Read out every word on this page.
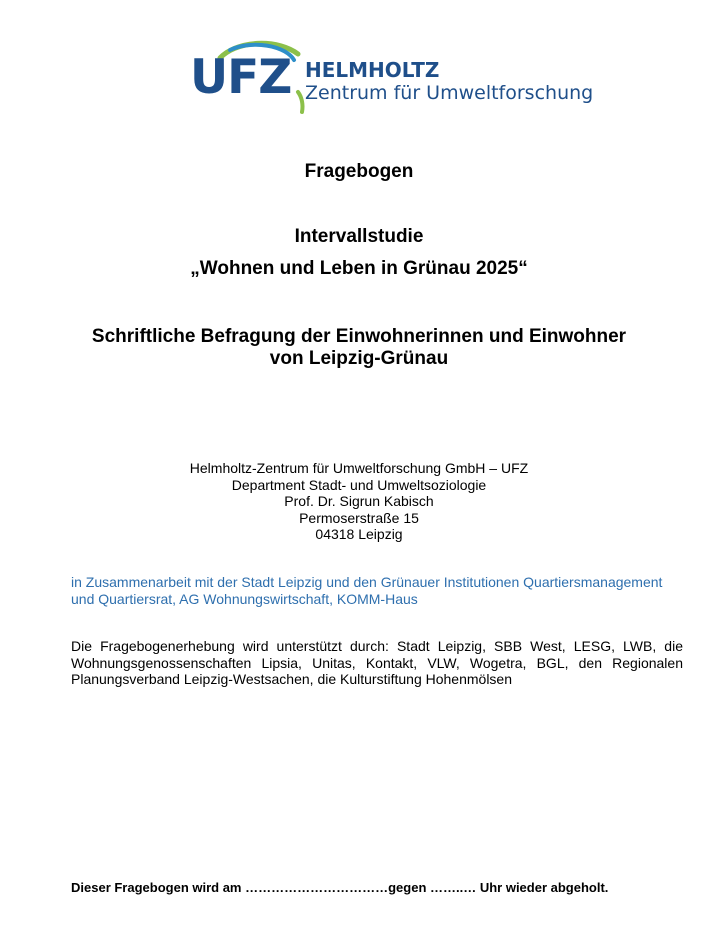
UFZ HELMHOLTZ
Zentrum für Umweltforschung
Fragebogen
Intervallstudie
„Wohnen und Leben in Grünau 2025“
Schriftliche Befragung der Einwohnerinnen und Einwohner
von Leipzig-Grünau
Helmholtz-Zentrum für Umweltforschung GmbH – UFZ
Department Stadt- und Umweltsoziologie
Prof. Dr. Sigrun Kabisch
Permoserstraße 15
04318 Leipzig
in Zusammenarbeit mit der Stadt Leipzig und den Grünauer Institutionen Quartiersmanagement und Quartiersrat, AG Wohnungswirtschaft, KOMM-Haus
Die Fragebogenerhebung wird unterstützt durch: Stadt Leipzig, SBB West, LESG, LWB, die Wohnungsgenossenschaften Lipsia, Unitas, Kontakt, VLW, Wogetra, BGL, den Regionalen Planungsverband Leipzig-Westsachen, die Kulturstiftung Hohenmölsen
Dieser Fragebogen wird am ……………………………gegen ……..… Uhr wieder abgeholt.
